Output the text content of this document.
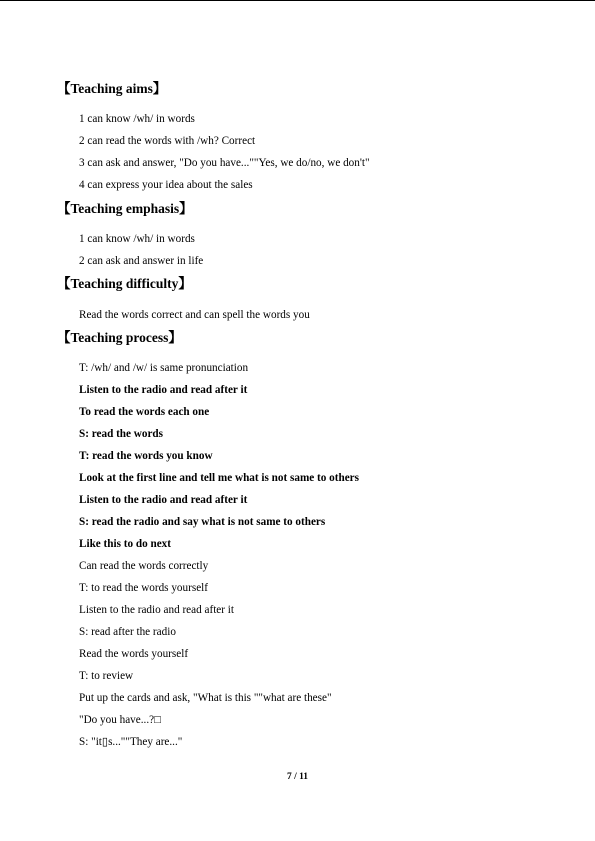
【Teaching aims】
1 can know /wh/ in words
2 can read the words with /wh? Correct
3 can ask and answer, "Do you have...""Yes, we do/no, we don't"
4 can express your idea about the sales
【Teaching emphasis】
1 can know /wh/ in words
2 can ask and answer in life
【Teaching difficulty】
Read the words correct and can spell the words you
【Teaching process】
T: /wh/ and /w/ is same pronunciation
Listen to the radio and read after it
To read the words each one
S: read the words
T: read the words you know
Look at the first line and tell me what is not same to others
Listen to the radio and read after it
S: read the radio and say what is not same to others
Like this to do next
Can read the words correctly
T: to read the words yourself
Listen to the radio and read after it
S: read after the radio
Read the words yourself
T: to review
Put up the cards and ask, "What is this ""what are these"
"Do you have...?□
S: "it▯s...""They are..."
7 / 11
